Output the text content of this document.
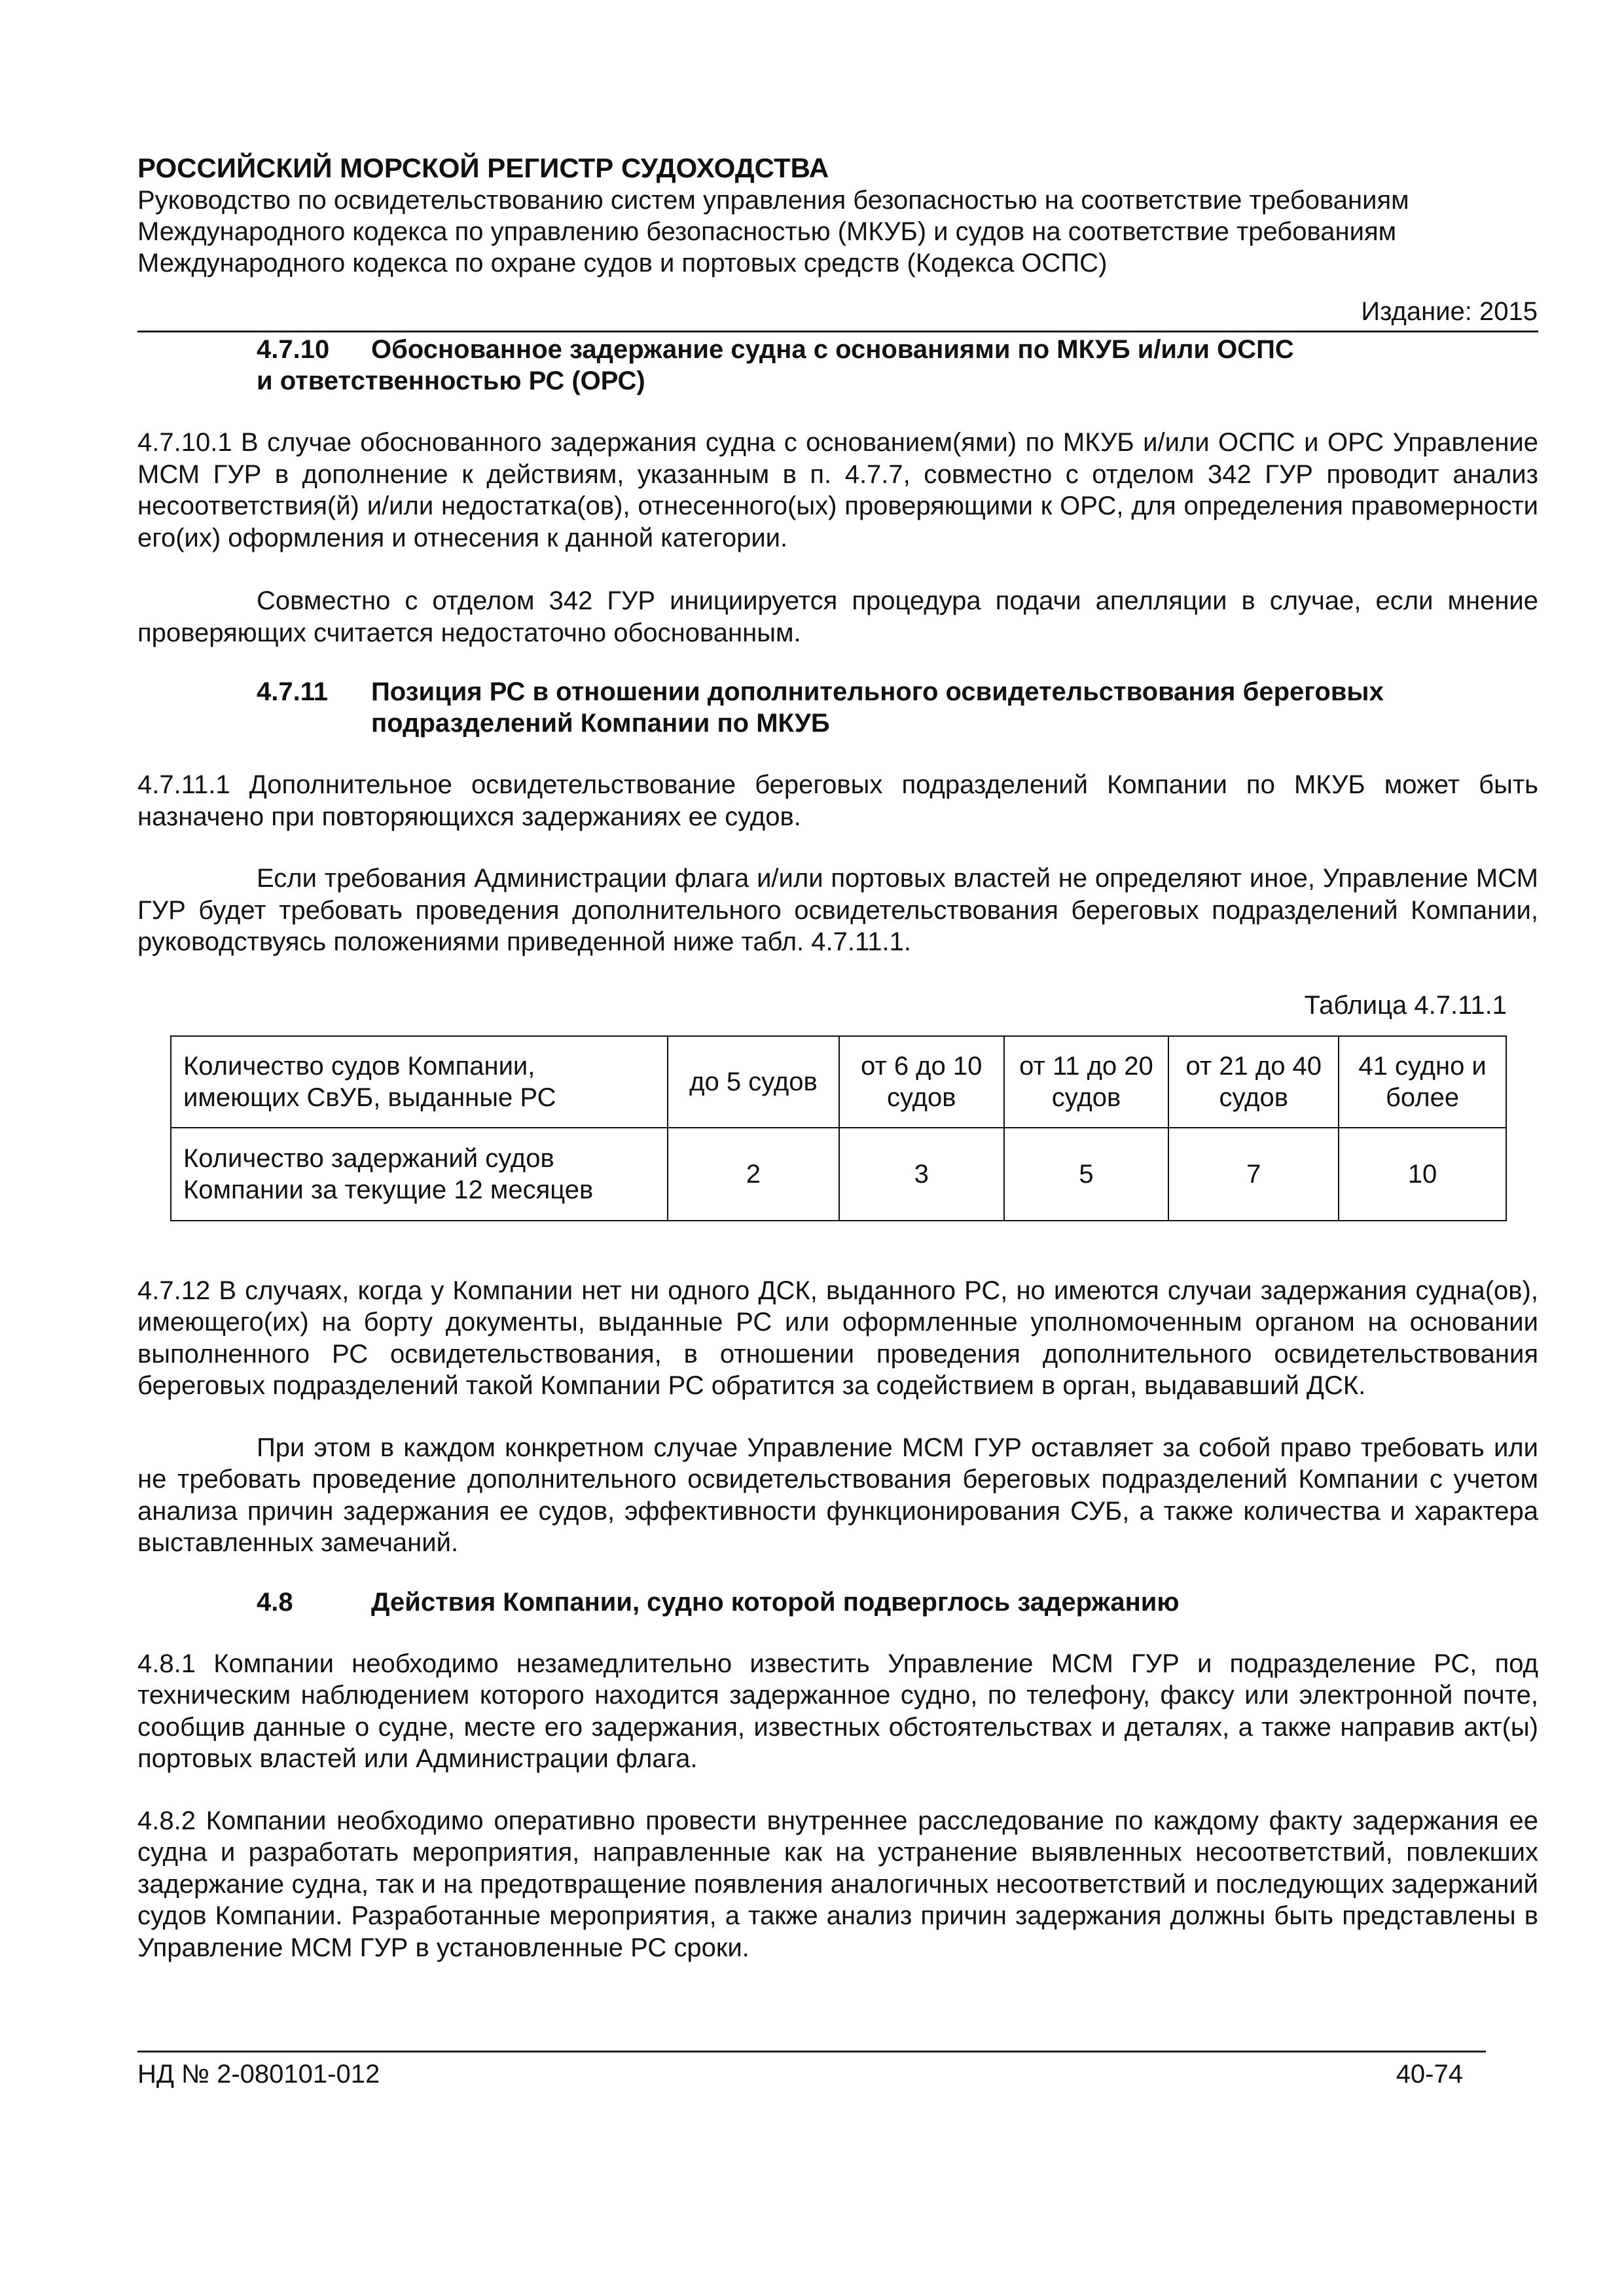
РОССИЙСКИЙ МОРСКОЙ РЕГИСТР СУДОХОДСТВА
Руководство по освидетельствованию систем управления безопасностью на соответствие требованиям
Международного кодекса по управлению безопасностью (МКУБ) и судов на соответствие требованиям
Международного кодекса по охране судов и портовых средств (Кодекса ОСПС)
Издание: 2015
4.7.10	Обоснованное задержание судна с основаниями по МКУБ и/или ОСПС
и ответственностью РС (ОРС)

4.7.10.1 В случае обоснованного задержания судна с основанием(ями) по МКУБ и/или ОСПС и ОРС Управление МСМ ГУР в дополнение к действиям, указанным в п. 4.7.7, совместно с отделом 342 ГУР проводит анализ несоответствия(й) и/или недостатка(ов), отнесенного(ых) проверяющими к ОРС, для определения правомерности его(их) оформления и отнесения к данной категории.

Совместно с отделом 342 ГУР инициируется процедура подачи апелляции в случае, если мнение проверяющих считается недостаточно обоснованным.

4.7.11	Позиция РС в отношении дополнительного освидетельствования береговых
подразделений Компании по МКУБ

4.7.11.1 Дополнительное освидетельствование береговых подразделений Компании по МКУБ может быть назначено при повторяющихся задержаниях ее судов.

Если требования Администрации флага и/или портовых властей не определяют иное, Управление МСМ ГУР будет требовать проведения дополнительного освидетельствования береговых подразделений Компании, руководствуясь положениями приведенной ниже табл. 4.7.11.1.

Таблица 4.7.11.1
Количество судов Компании, имеющих СвУБ, выданные РС	до 5 судов	от 6 до 10 судов	от 11 до 20 судов	от 21 до 40 судов	41 судно и более
Количество задержаний судов Компании за текущие 12 месяцев	2	3	5	7	10

4.7.12 В случаях, когда у Компании нет ни одного ДСК, выданного РС, но имеются случаи задержания судна(ов), имеющего(их) на борту документы, выданные РС или оформленные уполномоченным органом на основании выполненного РС освидетельствования, в отношении проведения дополнительного освидетельствования береговых подразделений такой Компании РС обратится за содействием в орган, выдававший ДСК.

При этом в каждом конкретном случае Управление МСМ ГУР оставляет за собой право требовать или не требовать проведение дополнительного освидетельствования береговых подразделений Компании с учетом анализа причин задержания ее судов, эффективности функционирования СУБ, а также количества и характера выставленных замечаний.

4.8	Действия Компании, судно которой подверглось задержанию

4.8.1 Компании необходимо незамедлительно известить Управление МСМ ГУР и подразделение РС, под техническим наблюдением которого находится задержанное судно, по телефону, факсу или электронной почте, сообщив данные о судне, месте его задержания, известных обстоятельствах и деталях, а также направив акт(ы) портовых властей или Администрации флага.

4.8.2 Компании необходимо оперативно провести внутреннее расследование по каждому факту задержания ее судна и разработать мероприятия, направленные как на устранение выявленных несоответствий, повлекших задержание судна, так и на предотвращение появления аналогичных несоответствий и последующих задержаний судов Компании. Разработанные мероприятия, а также анализ причин задержания должны быть представлены в Управление МСМ ГУР в установленные РС сроки.

НД № 2-080101-012	40-74
